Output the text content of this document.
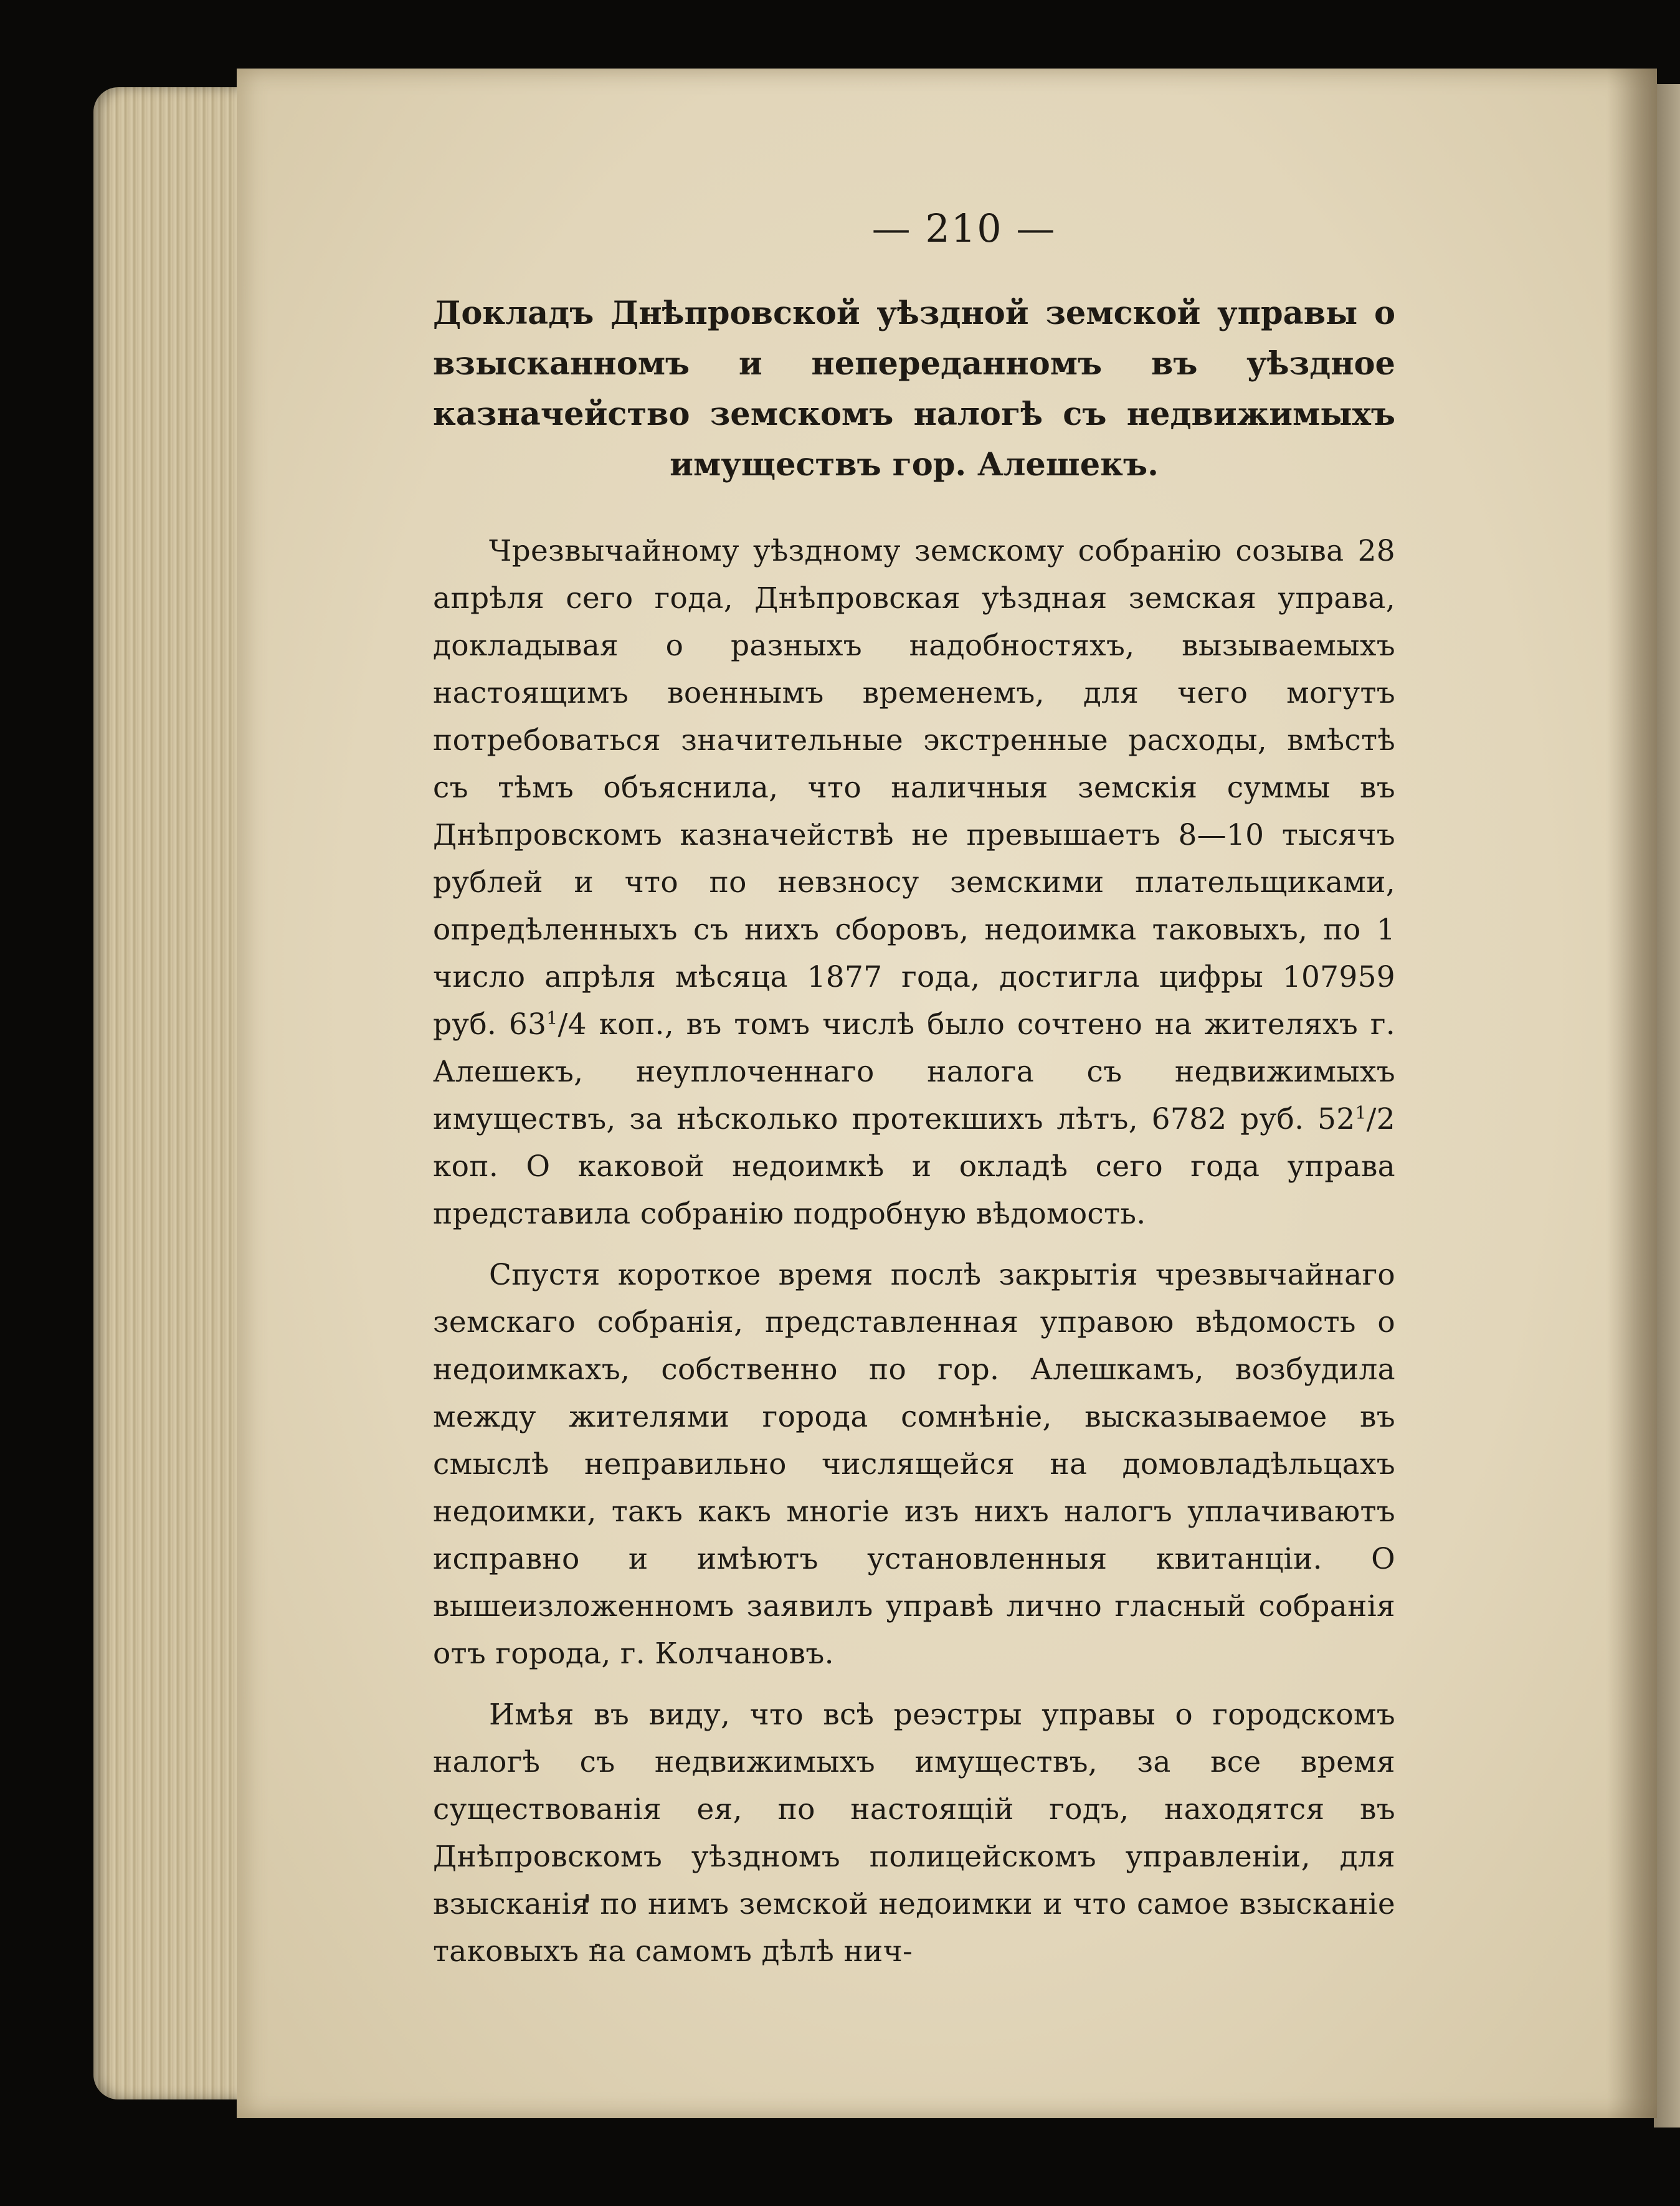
— 210 —

Докладъ Днѣпровской уѣздной земской управы о взысканномъ и непереданномъ въ уѣздное казначейство земскомъ налогѣ съ недвижимыхъ имуществъ гор. Алешекъ.

Чрезвычайному уѣздному земскому собранію созыва 28 апрѣля сего года, Днѣпровская уѣздная земская управа, докладывая о разныхъ надобностяхъ, вызываемыхъ настоящимъ военнымъ временемъ, для чего могутъ потребоваться значительные экстренные расходы, вмѣстѣ съ тѣмъ объяснила, что наличныя земскія суммы въ Днѣпровскомъ казначействѣ не превышаетъ 8—10 тысячъ рублей и что по невзносу земскими плательщиками, опредѣленныхъ съ нихъ сборовъ, недоимка таковыхъ, по 1 число апрѣля мѣсяца 1877 года, достигла цифры 107959 руб. $63^1/4$ коп., въ томъ числѣ было сочтено на жителяхъ г. Алешекъ, неуплоченнаго налога съ недвижимыхъ имуществъ, за нѣсколько протекшихъ лѣтъ, 6782 руб. $52^1/2$ коп. О каковой недоимкѣ и окладѣ сего года управа представила собранію подробную вѣдомость.

Спустя короткое время послѣ закрытія чрезвычайнаго земскаго собранія, представленная управою вѣдомость о недоимкахъ, собственно по гор. Алешкамъ, возбудила между жителями города сомнѣніе, высказываемое въ смыслѣ неправильно числящейся на домовладѣльцахъ недоимки, такъ какъ многіе изъ нихъ налогъ уплачиваютъ исправно и имѣютъ установленныя квитанціи. О вышеизложенномъ заявилъ управѣ лично гласный собранія отъ города, г. Колчановъ.

Имѣя въ виду, что всѣ реэстры управы о городскомъ налогѣ съ недвижимыхъ имуществъ, за все время существованія ея, по настоящій годъ, находятся въ Днѣпровскомъ уѣздномъ полицейскомъ управленіи, для взысканія по нимъ земской недоимки и что самое взысканіе таковыхъ на самомъ дѣлѣ нич-
